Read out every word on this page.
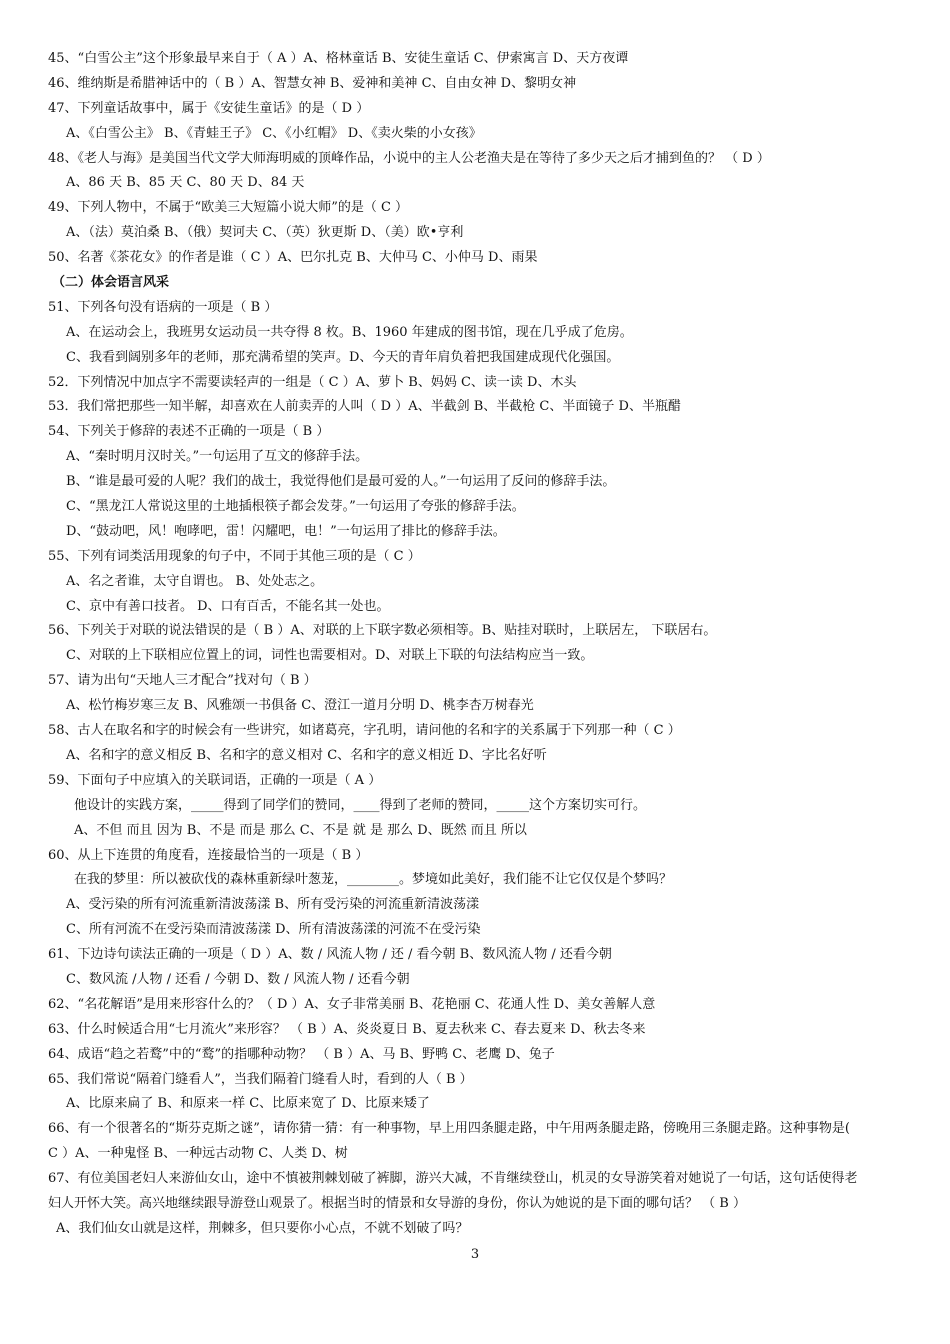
45、“白雪公主”这个形象最早来自于（ A ）A、格林童话 B、安徒生童话 C、伊索寓言 D、天方夜谭
46、维纳斯是希腊神话中的（ B ）A、智慧女神 B、爱神和美神 C、自由女神 D、黎明女神
47、下列童话故事中，属于《安徒生童话》的是（ D ）
A、《白雪公主》 B、《青蛙王子》 C、《小红帽》 D、《卖火柴的小女孩》
48、《老人与海》是美国当代文学大师海明威的顶峰作品，小说中的主人公老渔夫是在等待了多少天之后才捕到鱼的？ （ D ）
A、86 天 B、85 天 C、80 天 D、84 天
49、下列人物中，不属于“欧美三大短篇小说大师”的是（ C ）
A、（法）莫泊桑 B、（俄）契诃夫 C、（英）狄更斯 D、（美）欧•亨利
50、名著《茶花女》的作者是谁（ C ）A、巴尔扎克 B、大仲马 C、小仲马 D、雨果
（二）体会语言风采
51、下列各句没有语病的一项是（ B ）
A、在运动会上，我班男女运动员一共夺得 8 枚。B、1960 年建成的图书馆，现在几乎成了危房。
C、我看到阔别多年的老师，那充满希望的笑声。D、今天的青年肩负着把我国建成现代化强国。
52．下列情况中加点字不需要读轻声的一组是（ C ）A、萝卜 B、妈妈 C、读一读 D、木头
53．我们常把那些一知半解，却喜欢在人前卖弄的人叫（ D ）A、半截剑 B、半截枪 C、半面镜子 D、半瓶醋
54、下列关于修辞的表述不正确的一项是（ B ）
A、“秦时明月汉时关。”一句运用了互文的修辞手法。
B、“谁是最可爱的人呢？我们的战士，我觉得他们是最可爱的人。”一句运用了反问的修辞手法。
C、“黑龙江人常说这里的土地插根筷子都会发芽。”一句运用了夸张的修辞手法。
D、“鼓动吧，风！咆哮吧，雷！闪耀吧，电！”一句运用了排比的修辞手法。
55、下列有词类活用现象的句子中，不同于其他三项的是（ C ）
A、名之者谁，太守自谓也。 B、处处志之。
C、京中有善口技者。 D、口有百舌，不能名其一处也。
56、下列关于对联的说法错误的是（ B ）A、对联的上下联字数必须相等。B、贴挂对联时，上联居左， 下联居右。
C、对联的上下联相应位置上的词，词性也需要相对。D、对联上下联的句法结构应当一致。
57、请为出句“天地人三才配合”找对句（ B ）
A、松竹梅岁寒三友 B、风雅颂一书俱备 C、澄江一道月分明 D、桃李杏万树春光
58、古人在取名和字的时候会有一些讲究，如诸葛亮，字孔明，请问他的名和字的关系属于下列那一种（ C ）
A、名和字的意义相反 B、名和字的意义相对 C、名和字的意义相近 D、字比名好听
59、下面句子中应填入的关联词语，正确的一项是（ A ）
他设计的实践方案，_____得到了同学们的赞同，____得到了老师的赞同，_____这个方案切实可行。
A、不但 而且 因为 B、不是 而是 那么 C、不是 就 是 那么 D、既然 而且 所以
60、从上下连贯的角度看，连接最恰当的一项是（ B ）
在我的梦里：所以被砍伐的森林重新绿叶葱茏，________。梦境如此美好，我们能不让它仅仅是个梦吗？
A、受污染的所有河流重新清波荡漾 B、所有受污染的河流重新清波荡漾
C、所有河流不在受污染而清波荡漾 D、所有清波荡漾的河流不在受污染
61、下边诗句读法正确的一项是（ D ）A、数 / 风流人物 / 还 / 看今朝 B、数风流人物 / 还看今朝
C、数风流 /人物 / 还看 / 今朝 D、数 / 风流人物 / 还看今朝
62、“名花解语”是用来形容什么的？（ D ）A、女子非常美丽 B、花艳丽 C、花通人性 D、美女善解人意
63、什么时候适合用“七月流火”来形容？ （ B ）A、炎炎夏日 B、夏去秋来 C、春去夏来 D、秋去冬来
64、成语“趋之若鹜”中的“鹜”的指哪种动物？ （ B ）A、马 B、野鸭 C、老鹰 D、兔子
65、我们常说“隔着门缝看人”，当我们隔着门缝看人时，看到的人（ B ）
A、比原来扁了 B、和原来一样 C、比原来宽了 D、比原来矮了
66、有一个很著名的“斯芬克斯之谜”，请你猜一猜：有一种事物，早上用四条腿走路，中午用两条腿走路，傍晚用三条腿走路。这种事物是(
C ）A、一种鬼怪 B、一种远古动物 C、人类 D、树
67、有位美国老妇人来游仙女山，途中不慎被荆棘划破了裤脚，游兴大减，不肯继续登山，机灵的女导游笑着对她说了一句话，这句话使得老
妇人开怀大笑。高兴地继续跟导游登山观景了。根据当时的情景和女导游的身份，你认为她说的是下面的哪句话？ （ B ）
A、我们仙女山就是这样，荆棘多，但只要你小心点，不就不划破了吗？
3
